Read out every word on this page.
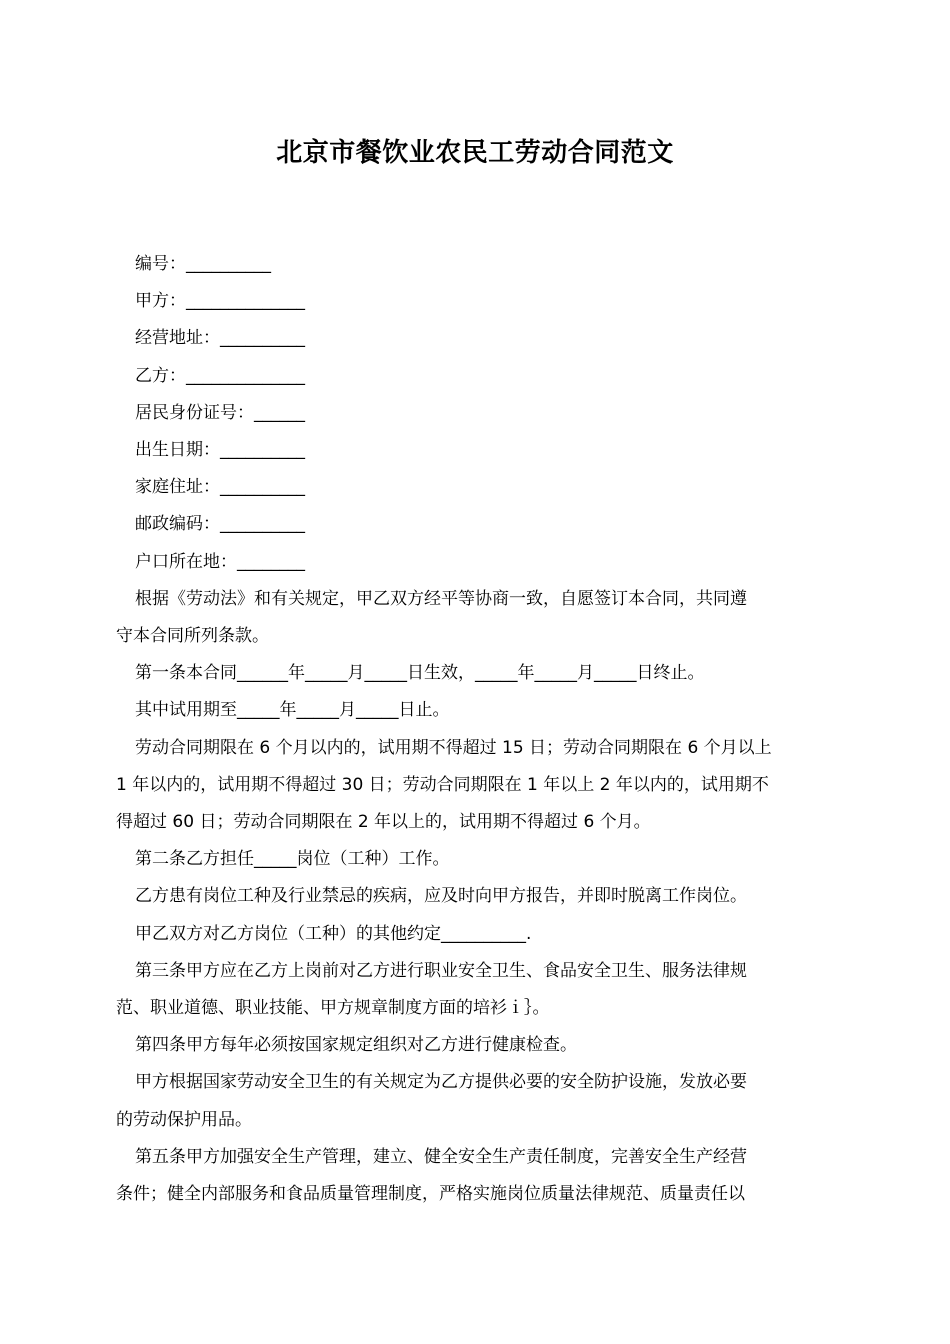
北京市餐饮业农民工劳动合同范文

编号：__________

甲方：______________

经营地址：__________

乙方：______________

居民身份证号：______

出生日期：__________

家庭住址：__________

邮政编码：__________

户口所在地：________

根据《劳动法》和有关规定，甲乙双方经平等协商一致，自愿签订本合同，共同遵

守本合同所列条款。

第一条本合同______年_____月_____日生效，_____年_____月_____日终止。

其中试用期至_____年_____月_____日止。

劳动合同期限在 6 个月以内的，试用期不得超过 15 日；劳动合同期限在 6 个月以上

1 年以内的，试用期不得超过 30 日；劳动合同期限在 1 年以上 2 年以内的，试用期不

得超过 60 日；劳动合同期限在 2 年以上的，试用期不得超过 6 个月。

第二条乙方担任_____岗位（工种）工作。

乙方患有岗位工种及行业禁忌的疾病，应及时向甲方报告，并即时脱离工作岗位。

甲乙双方对乙方岗位（工种）的其他约定__________.

第三条甲方应在乙方上岗前对乙方进行职业安全卫生、食品安全卫生、服务法律规

范、职业道德、职业技能、甲方规章制度方面的培衫ｉ｝。

第四条甲方每年必须按国家规定组织对乙方进行健康检查。

甲方根据国家劳动安全卫生的有关规定为乙方提供必要的安全防护设施，发放必要

的劳动保护用品。

第五条甲方加强安全生产管理，建立、健全安全生产责任制度，完善安全生产经营

条件；健全内部服务和食品质量管理制度，严格实施岗位质量法律规范、质量责任以
